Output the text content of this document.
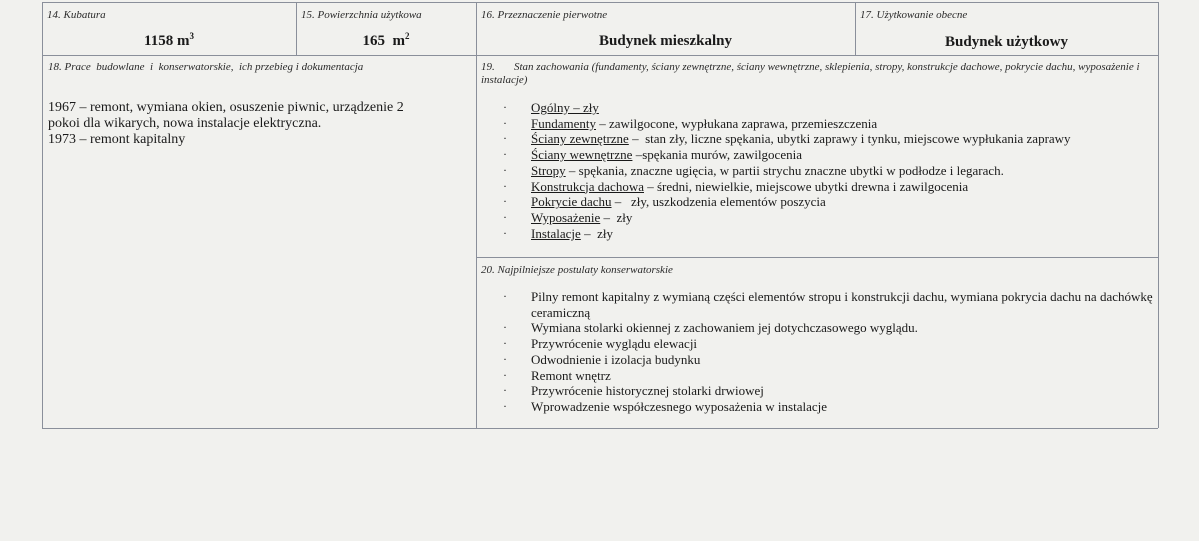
14. Kubatura
1158 $m^3$
15. Powierzchnia użytkowa
165  $m^2$
16. Przeznaczenie pierwotne
Budynek mieszkalny
17. Użytkowanie obecne
Budynek użytkowy
18. Prace  budowlane  i  konserwatorskie,  ich przebieg i dokumentacja
1967 – remont, wymiana okien, osuszenie piwnic, urządzenie 2
pokoi dla wikarych, nowa instalacje elektryczna.
1973 – remont kapitalny
19.       Stan zachowania (fundamenty, ściany zewnętrzne, ściany wewnętrzne, sklepienia, stropy, konstrukcje dachowe, pokrycie dachu, wyposażenie i instalacje)
· Ogólny – zły
· Fundamenty – zawilgocone, wypłukana zaprawa, przemieszczenia
· Ściany zewnętrzne –  stan zły, liczne spękania, ubytki zaprawy i tynku, miejscowe wypłukania zaprawy
· Ściany wewnętrzne –spękania murów, zawilgocenia
· Stropy – spękania, znaczne ugięcia, w partii strychu znaczne ubytki w podłodze i legarach.
· Konstrukcja dachowa – średni, niewielkie, miejscowe ubytki drewna i zawilgocenia
· Pokrycie dachu –   zły, uszkodzenia elementów poszycia
· Wyposażenie –  zły
· Instalacje –  zły
20. Najpilniejsze postulaty konserwatorskie
· Pilny remont kapitalny z wymianą części elementów stropu i konstrukcji dachu, wymiana pokrycia dachu na dachówkę ceramiczną
· Wymiana stolarki okiennej z zachowaniem jej dotychczasowego wyglądu.
· Przywrócenie wyglądu elewacji
· Odwodnienie i izolacja budynku
· Remont wnętrz
· Przywrócenie historycznej stolarki drwiowej
· Wprowadzenie współczesnego wyposażenia w instalacje
